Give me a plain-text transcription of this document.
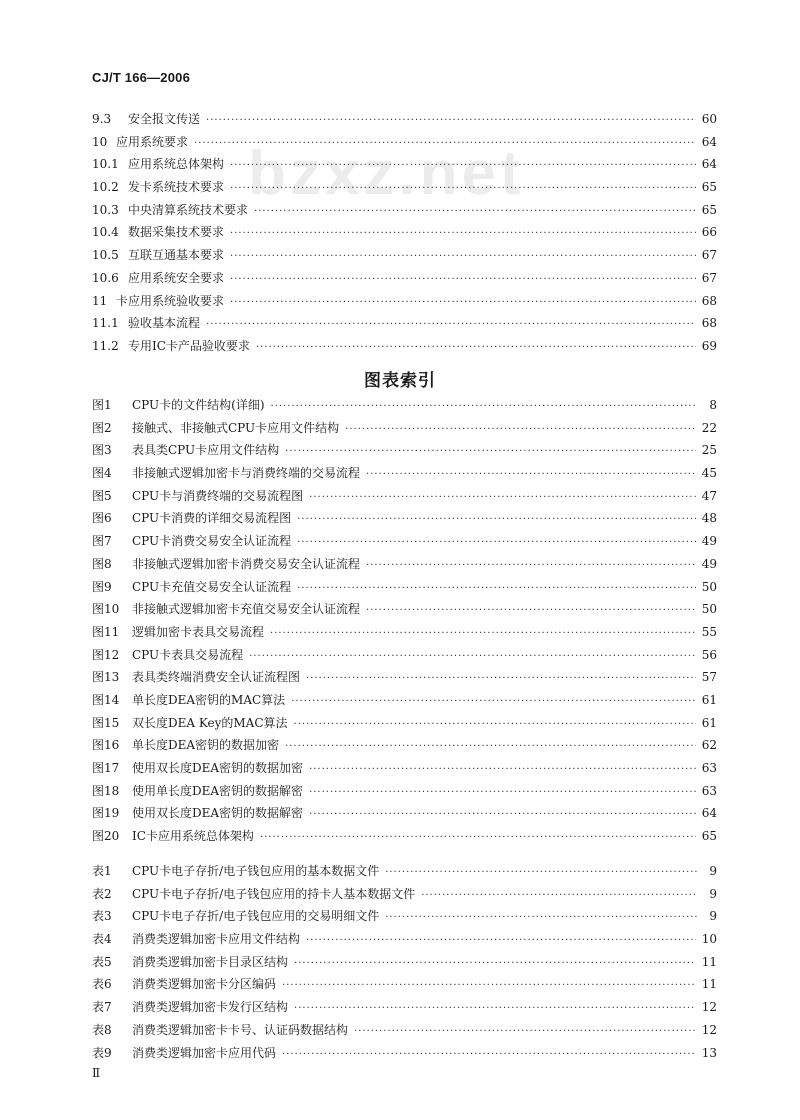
CJ/T 166—2006
bzxz.net
9.3	安全报文传送 ·····	60
10 应用系统要求 ·····	64
10.1 应用系统总体架构 ·····	64
10.2 发卡系统技术要求 ·····	65
10.3 中央清算系统技术要求 ·····	65
10.4 数据采集技术要求 ·····	66
10.5 互联互通基本要求 ·····	67
10.6 应用系统安全要求 ·····	67
11 卡应用系统验收要求 ·····	68
11.1 验收基本流程 ·····	68
11.2 专用IC卡产品验收要求 ·····	69
图表索引
图1	CPU卡的文件结构(详细) ·····	8
图2	接触式、非接触式CPU卡应用文件结构 ·····	22
图3	表具类CPU卡应用文件结构 ·····	25
图4	非接触式逻辑加密卡与消费终端的交易流程 ·····	45
图5	CPU卡与消费终端的交易流程图 ·····	47
图6	CPU卡消费的详细交易流程图 ·····	48
图7	CPU卡消费交易安全认证流程 ·····	49
图8	非接触式逻辑加密卡消费交易安全认证流程 ·····	49
图9	CPU卡充值交易安全认证流程 ·····	50
图10	非接触式逻辑加密卡充值交易安全认证流程 ·····	50
图11	逻辑加密卡表具交易流程 ·····	55
图12	CPU卡表具交易流程 ·····	56
图13	表具类终端消费安全认证流程图 ·····	57
图14	单长度DEA密钥的MAC算法 ·····	61
图15	双长度DEA Key的MAC算法 ·····	61
图16	单长度DEA密钥的数据加密 ·····	62
图17	使用双长度DEA密钥的数据加密 ·····	63
图18	使用单长度DEA密钥的数据解密 ·····	63
图19	使用双长度DEA密钥的数据解密 ·····	64
图20	IC卡应用系统总体架构 ·····	65
表1	CPU卡电子存折/电子钱包应用的基本数据文件 ·····	9
表2	CPU卡电子存折/电子钱包应用的持卡人基本数据文件 ·····	9
表3	CPU卡电子存折/电子钱包应用的交易明细文件 ·····	9
表4	消费类逻辑加密卡应用文件结构 ·····	10
表5	消费类逻辑加密卡目录区结构 ·····	11
表6	消费类逻辑加密卡分区编码 ·····	11
表7	消费类逻辑加密卡发行区结构 ·····	12
表8	消费类逻辑加密卡卡号、认证码数据结构 ·····	12
表9	消费类逻辑加密卡应用代码 ·····	13
Ⅱ
